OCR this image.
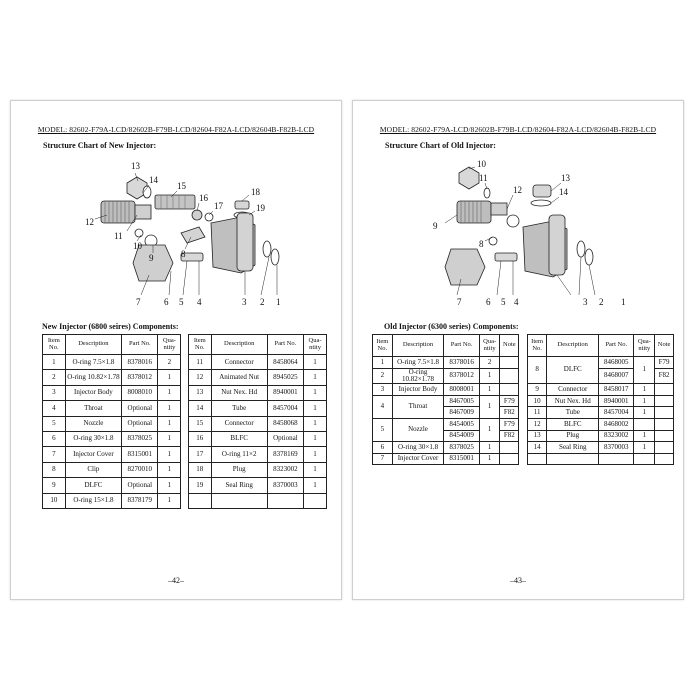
MODEL: 82602-F79A-LCD/82602B-F79B-LCD/82604-F82A-LCD/82604B-F82B-LCD
Structure Chart of New Injector:
1
2
3
4
5
6
7
8
9
10
11
12
13
14
15
16
17
18
19
New Injector (6800 seires) Components:
Item No.	Description	Part No.	Qua-ntity		Item No.	Description	Part No.	Qua-ntity
1	O-ring 7.5×1.8	8378016	2		11	Connector	8458064	1
2	O-ring 10.82×1.78	8378012	1		12	Animated Nut	8945025	1
3	Injector Body	8008010	1		13	Nut Nex. Hd	8940001	1
4	Throat	Optional	1		14	Tube	8457004	1
5	Nozzle	Optional	1		15	Connector	8458068	1
6	O-ring 30×1.8	8378025	1		16	BLFC	Optional	1
7	Injector Cover	8315001	1		17	O-ring 11×2	8378169	1
8	Clip	8270010	1		18	Plug	8323002	1
9	DLFC	Optional	1		19	Seal Ring	8370003	1
10	O-ring 15×1.8	8378179	1					
–42–
MODEL: 82602-F79A-LCD/82602B-F79B-LCD/82604-F82A-LCD/82604B-F82B-LCD
Structure Chart of Old Injector:
1
2
3
4
5
6
7
8
9
10
11
12
13
14
Old Injector (6300 series) Components:
Item No.	Description	Part No.	Qua-ntity	Note		Item No.	Description	Part No.	Qua-ntity	Note
1	O-ring 7.5×1.8	8378016	2			8	DLFC	8468005	1	F79
2	O-ring 10.82×1.78	8378012	1					8468007		F82
3	Injector Body	8008001	1			9	Connector	8458017	1	
4	Throat	8467005	1	F79		10	Nut Nex. Hd	8940001	1	
		8467009		F82		11	Tube	8457004	1	
5	Nozzle	8454005	1	F79		12	BLFC	8468002		
		8454009		F82		13	Plug	8323002	1	
6	O-ring 30×1.8	8378025	1			14	Seal Ring	8370003	1	
7	Injector Cover	8315001	1							
–43–
